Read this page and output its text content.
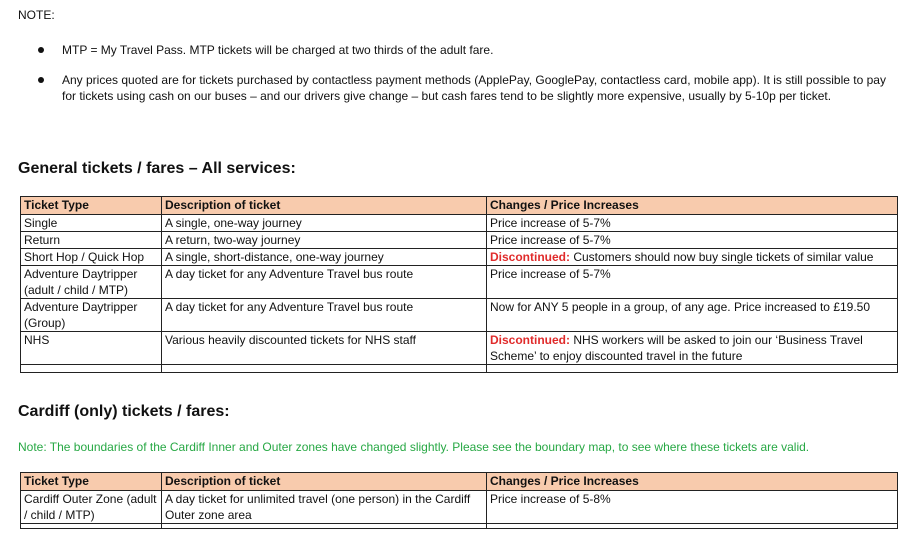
NOTE:
MTP = My Travel Pass. MTP tickets will be charged at two thirds of the adult fare.
Any prices quoted are for tickets purchased by contactless payment methods (ApplePay, GooglePay, contactless card, mobile app). It is still possible to pay for tickets using cash on our buses – and our drivers give change – but cash fares tend to be slightly more expensive, usually by 5-10p per ticket.
General tickets / fares – All services:
Ticket Type	Description of ticket	Changes / Price Increases
Single	A single, one-way journey	Price increase of 5-7%
Return	A return, two-way journey	Price increase of 5-7%
Short Hop / Quick Hop	A single, short-distance, one-way journey	Discontinued: Customers should now buy single tickets of similar value
Adventure Daytripper (adult / child / MTP)	A day ticket for any Adventure Travel bus route	Price increase of 5-7%
Adventure Daytripper (Group)	A day ticket for any Adventure Travel bus route	Now for ANY 5 people in a group, of any age. Price increased to £19.50
NHS	Various heavily discounted tickets for NHS staff	Discontinued: NHS workers will be asked to join our ‘Business Travel Scheme’ to enjoy discounted travel in the future

Cardiff (only) tickets / fares:
Note: The boundaries of the Cardiff Inner and Outer zones have changed slightly. Please see the boundary map, to see where these tickets are valid.
Ticket Type	Description of ticket	Changes / Price Increases
Cardiff Outer Zone (adult / child / MTP)	A day ticket for unlimited travel (one person) in the Cardiff Outer zone area	Price increase of 5-8%
